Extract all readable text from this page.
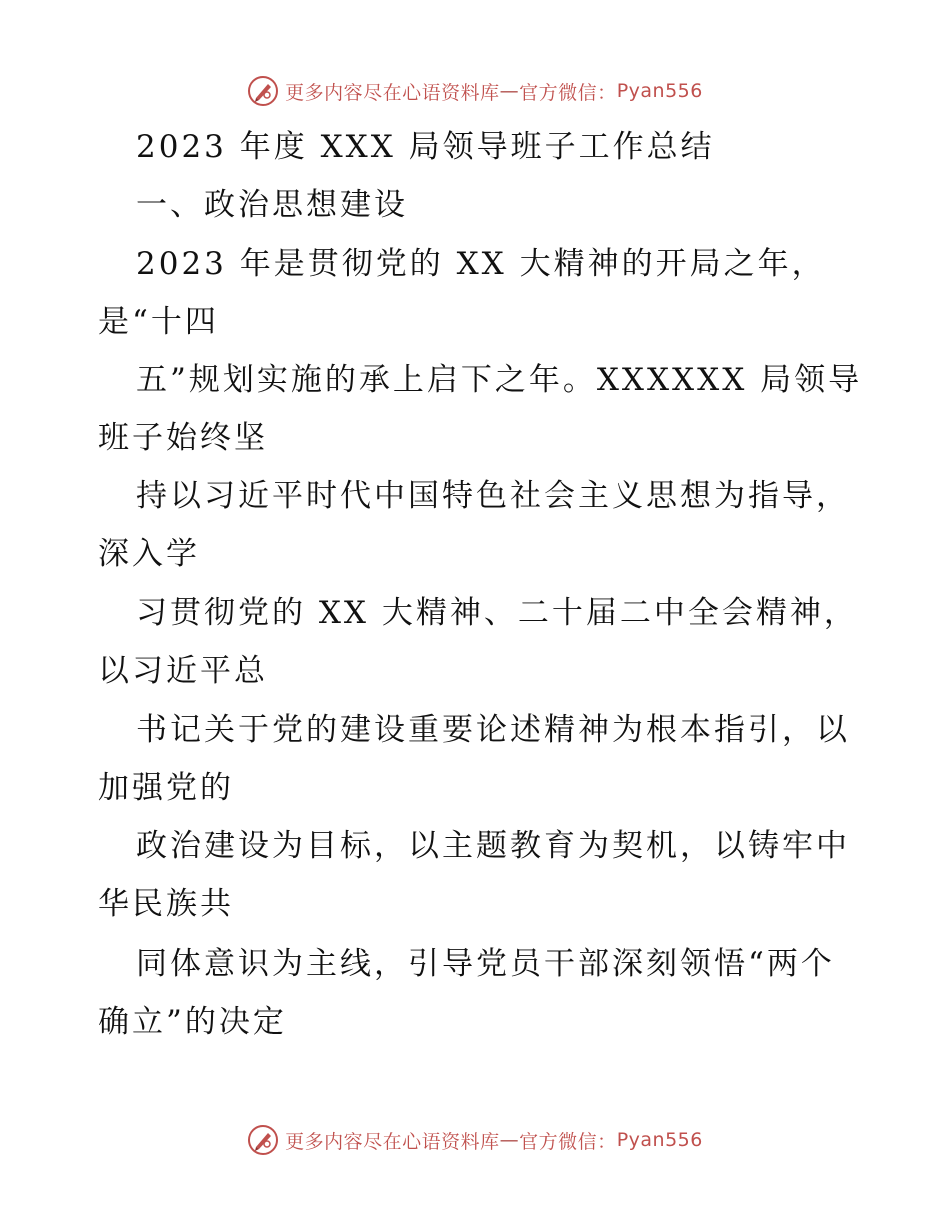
更多内容尽在心语资料库 — 官方微信： Pyan556
2023 年度 XXX 局领导班子工作总结
一、政治思想建设
2023 年是贯彻党的 XX 大精神的开局之年，
是“十四
五”规划实施的承上启下之年。XXXXXX 局领导
班子始终坚
持以习近平时代中国特色社会主义思想为指导，
深入学
习贯彻党的 XX 大精神、二十届二中全会精神，
以习近平总
书记关于党的建设重要论述精神为根本指引，以
加强党的
政治建设为目标，以主题教育为契机，以铸牢中
华民族共
同体意识为主线，引导党员干部深刻领悟“两个
确立”的决定
更多内容尽在心语资料库 — 官方微信： Pyan556
